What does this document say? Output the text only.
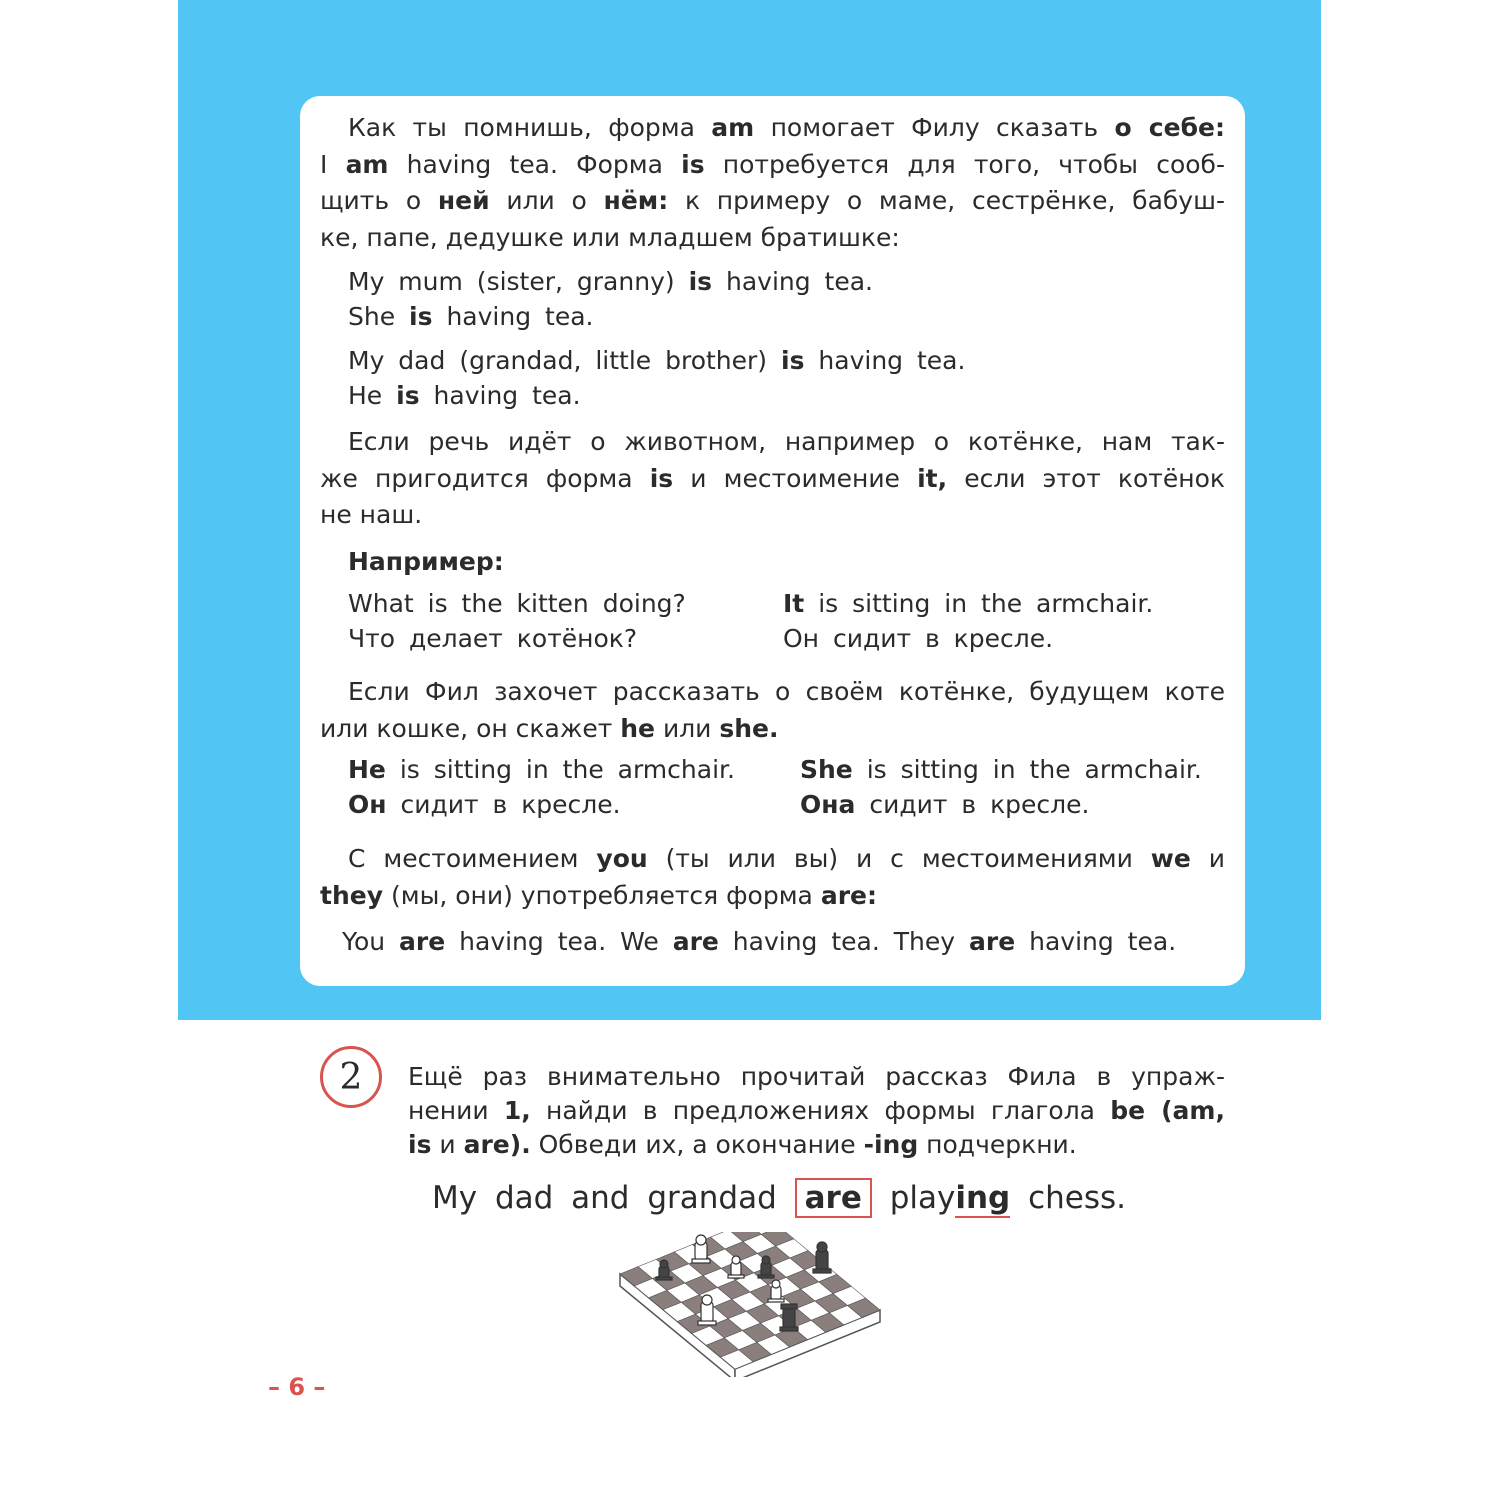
Как ты помнишь, форма am помогает Филу сказать о себе:
I am having tea. Форма is потребуется для того, чтобы сооб-
щить о ней или о нём: к примеру о маме, сестрёнке, бабуш-
ке, папе, дедушке или младшем братишке:
My mum (sister, granny) is having tea.
She is having tea.
My dad (grandad, little brother) is having tea.
He is having tea.
Если речь идёт о животном, например о котёнке, нам так-
же пригодится форма is и местоимение it, если этот котёнок
не наш.
Например:
What is the kitten doing?
Что делает котёнок?
It is sitting in the armchair.
Он сидит в кресле.
Если Фил захочет рассказать о своём котёнке, будущем коте
или кошке, он скажет he или she.
He is sitting in the armchair.
Он сидит в кресле.
She is sitting in the armchair.
Она сидит в кресле.
С местоимением you (ты или вы) и с местоимениями we и
they (мы, они) употребляется форма are:
You are having tea. We are having tea. They are having tea.
2 Ещё раз внимательно прочитай рассказ Фила в упраж-
нении 1, найди в предложениях формы глагола be (am,
is и are). Обведи их, а окончание -ing подчеркни.
My dad and grandad are playing chess.
– 6 –
